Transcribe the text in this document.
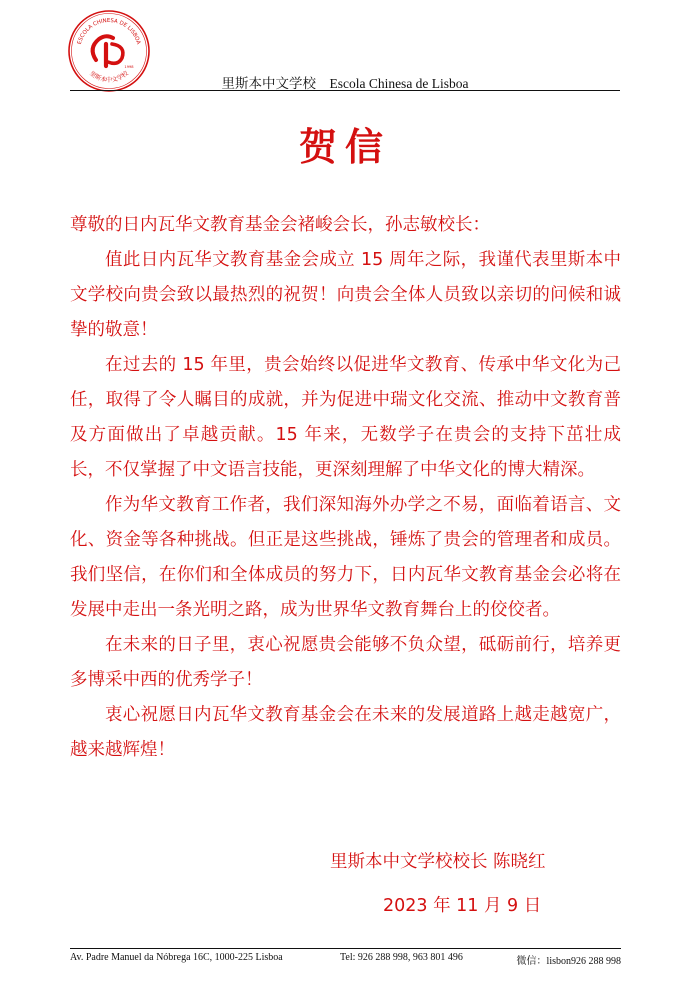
ESCOLA CHINESA DE LISBOA
里斯本中文学校
1998
里斯本中文学校    Escola Chinesa de Lisboa
贺信

尊敬的日内瓦华文教育基金会褚峻会长，孙志敏校长：

值此日内瓦华文教育基金会成立 15 周年之际，我谨代表里斯本中文学校向贵会致以最热烈的祝贺！向贵会全体人员致以亲切的问候和诚挚的敬意！

在过去的 15 年里，贵会始终以促进华文教育、传承中华文化为己任，取得了令人瞩目的成就，并为促进中瑞文化交流、推动中文教育普及方面做出了卓越贡献。15 年来，无数学子在贵会的支持下茁壮成长，不仅掌握了中文语言技能，更深刻理解了中华文化的博大精深。

作为华文教育工作者，我们深知海外办学之不易，面临着语言、文化、资金等各种挑战。但正是这些挑战，锤炼了贵会的管理者和成员。我们坚信，在你们和全体成员的努力下，日内瓦华文教育基金会必将在发展中走出一条光明之路，成为世界华文教育舞台上的佼佼者。

在未来的日子里，衷心祝愿贵会能够不负众望，砥砺前行，培养更多博采中西的优秀学子！

衷心祝愿日内瓦华文教育基金会在未来的发展道路上越走越宽广，越来越辉煌！

里斯本中文学校校长 陈晓红
2023 年 11 月 9 日
Av. Padre Manuel da Nóbrega 16C, 1000-225 Lisboa	Tel: 926 288 998, 963 801 496	微信：lisbon926 288 998
